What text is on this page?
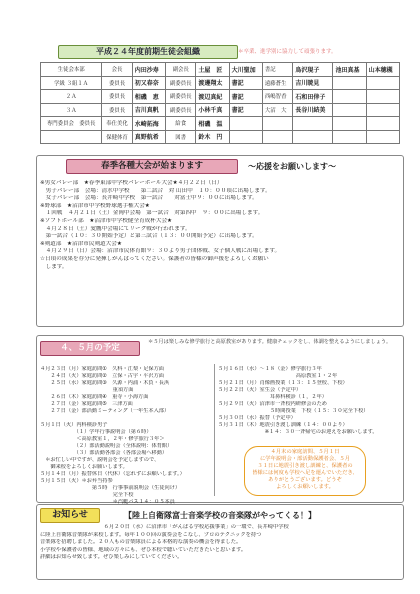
平成２４年度前期生徒会組織	＊卒業、進学別に協力して頑張ります。
生徒会本部	会長	内田沙寿	副会長	土屋　匠	大川聖加	書記	鳥沢現子	池田真基	山本穂槻
学級 ３組１Ａ	委員長	初又春奈	副委員長	渡邊翔太	書記	遠藤蒼生	吉川暁見		
２Ａ	委員長	相磯　恵	副委員長	渡辺真紀	書記	西嶋智香	石和田倖子		
３Ａ	委員長	吉川真帆	副委員長	小林千真	書記	大沼　大	長谷川結美		
専門委員会　委員長	奉仕美化	水崎拓海	給食	相磯　温					
	保健体育	真野航希	図書	鈴木　円					
春季各種大会が始まります	〜応援をお願いします〜
※男女バレー部　★春季東部中学校バレーボール大会★４月２２日（日）
　男子バレー部　会場：清水中学校　　第二試合　対 山田中　１０：００頃に出場します。
　女子バレー部　会場：長井崎中学校　第一試合　　対富士中９：００に出場します。
※野球部　★沼津市中学校野球選手権大会★
　１回戦　４月２１日（土）金岡中会場　第一試合　対第四中　９：００に出場します。
※ソフトボール部　★沼津市中学校健全育成杯大会★
　４月２８日（土）愛鷹中会場にてリーグ戦が行われます。
　第一試合（１０：３０開始予定）と第三試合（１３：００開始予定）に出場します。
※剣道部　★沼津市民剣道大会★
　４月２９日（日）会場：沼津市民体育館９：３０より男子団体戦、女子個人戦に出場します。
☆日頃の成果を存分に発揮しがんばってください。保護者の皆様の御声援をよろしくお願い
　します。
４、５月の予定
＊５月は楽しみな修学旅行と高原教室があります。健康チェックをし、体調を整えるようにしましょう。
４月２３日（月）家庭訪問①　久科・江梨・足保方面
　　２４日（火）家庭訪問②　立保・古宇・平沢方面
　　２５日（水）家庭訪問③　久源・内浦・木負・長浜
　　　　　　　　　　　　　　重須方面
　　２６日（木）家庭訪問④　重寺・小海方面
　　２７日（金）家庭訪問⑤　三津方面
　　２７日（金）部活動ミーティング（一年生本入部）

５月１日（火）内科検診男子
　　　　　　　（１）学年行事説明会（第６時）
　　　　　　　＜高原教室１，２年・修学旅行３年＞
　　　　　　　（２）部活動説明会（全体説明：体育館）
　　　　　　　（３）部活動各部会（各部会場へ移動）
　＊お忙しい中ですが、説明会を予定しますので、
　　御来校をよろしくお願いします。
５月１４日（月）振替休日（代休）（忘れずにお願いします。）
５月１５日（火）＊お弁当持参
　　　　　　　　　　第５時　行事事前説明会（生徒向け）
　　　　　　　　　　　　　　完全下校
　　　　　　　　　　　　　　＊汽艇バス１４：０５本員
５月１６日（水）〜１８（金）修学旅行３年
　　　　　　　　　　　　　　　高原教室１・２年
５月２１日（月）肖像画授業（１３：１５登校、下校）
５月２２日（火）室生会（予定中）
　　　　　　　　　　耳鼻科検診（１，２年）
５月２９日（火）沼津市一斉校内研修会のため
　　　　　　　　　　５時間授業　下校（１５：３０完全下校）
５月３０日（水）振替（予定中）
５月３１日（木）地震引き渡し訓練（１４：００より）
　　　　　　　　　※１４：３０一斉帰宅のお迎えをお願いします。
４月末の家庭訪問、５月１日
に学年説明会・部活動保護者会、５月
３１日に地震引き渡し訓練と、保護者の
皆様には何度も学校へ足を運んでいただき、
ありがとうございます。どうぞ
よろしくお願いします。
お知らせ	【陸上自衛隊富士音楽学校の音楽隊がやってくる！】
　　　　　　　　　　　　６月２０日（水）に沼津市「がんばる学校応援事業」の一環で、長井崎中学校
に陸上自衛隊音楽隊が来校します。毎年１００回の演奏会をこなし、プロのテクニックを持つ
音楽隊を招聘しました。２０人もの音楽隊員による本格的な演奏の機会を得ました。
小学校や保護者の皆様、地域の方々にも、ぜひ本校で聴いていただきたいと思います。
詳細はお知らせ致します。ぜひ楽しみにしていてください。
